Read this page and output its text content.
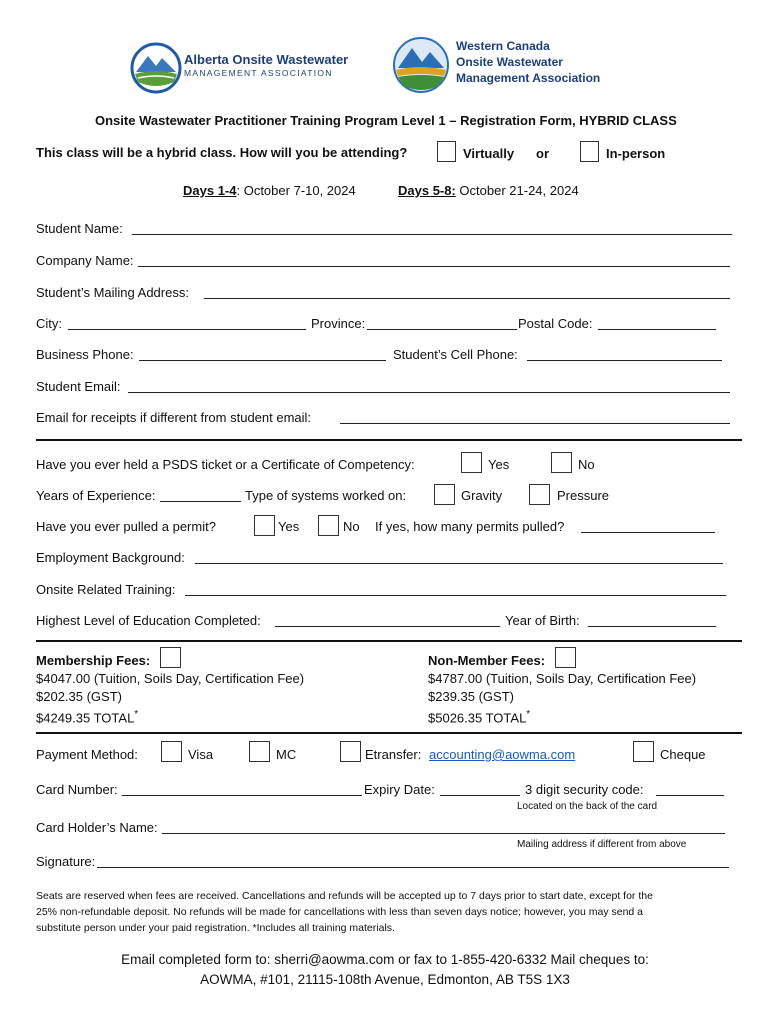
Alberta Onsite Wastewater
MANAGEMENT ASSOCIATION
Western Canada
Onsite Wastewater
Management Association
Onsite Wastewater Practitioner Training Program Level 1 – Registration Form, HYBRID CLASS
This class will be a hybrid class. How will you be attending?	Virtually or	In-person
Days 1-4: October 7-10, 2024	Days 5-8: October 21-24, 2024
Student Name:
Company Name:
Student’s Mailing Address:
City:	Province:	Postal Code:
Business Phone:	Student’s Cell Phone:
Student Email:
Email for receipts if different from student email:
Have you ever held a PSDS ticket or a Certificate of Competency:	Yes	No
Years of Experience:	Type of systems worked on:	Gravity	Pressure
Have you ever pulled a permit?	Yes	No If yes, how many permits pulled?
Employment Background:
Onsite Related Training:
Highest Level of Education Completed:	Year of Birth:
Membership Fees:
$4047.00 (Tuition, Soils Day, Certification Fee)
$202.35 (GST)
$4249.35 TOTAL*
Non-Member Fees:
$4787.00 (Tuition, Soils Day, Certification Fee)
$239.35 (GST)
$5026.35 TOTAL*
Payment Method:	Visa	MC	Etransfer: accounting@aowma.com	Cheque
Card Number:	Expiry Date:	3 digit security code:
Located on the back of the card
Card Holder’s Name:
Mailing address if different from above
Signature:
Seats are reserved when fees are received. Cancellations and refunds will be accepted up to 7 days prior to start date, except for the
25% non-refundable deposit. No refunds will be made for cancellations with less than seven days notice; however, you may send a
substitute person under your paid registration. *Includes all training materials.
Email completed form to: sherri@aowma.com or fax to 1-855-420-6332 Mail cheques to:
AOWMA, #101, 21115-108th Avenue, Edmonton, AB T5S 1X3
